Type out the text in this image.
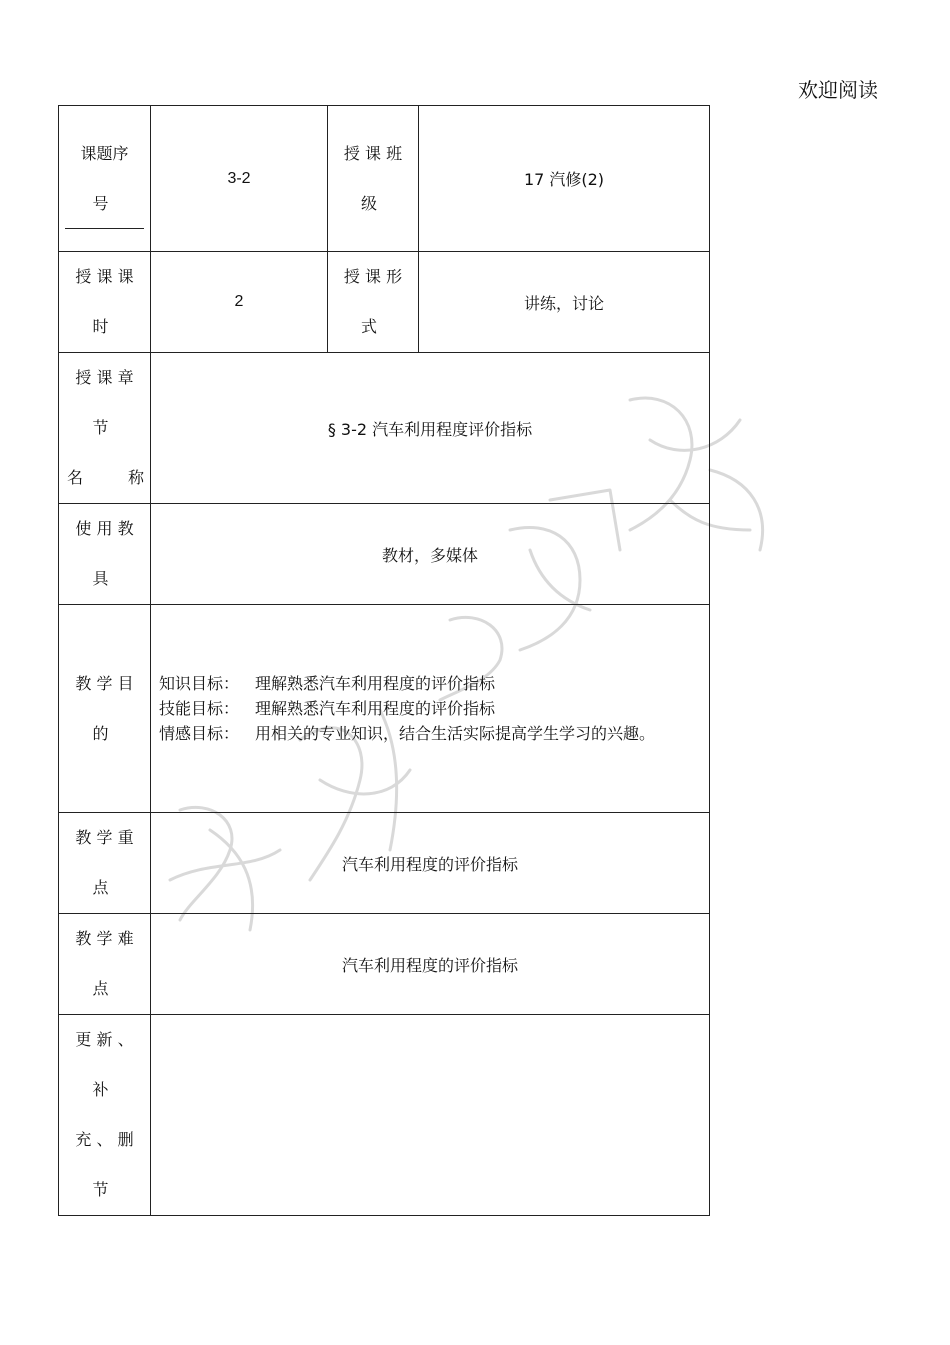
欢迎阅读
课题序
号	3-2	授 课 班
级	17 汽修(2)

授 课 课
时	2	授 课 形
式	讲练，讨论

授 课 章
节
名 称	§ 3-2 汽车利用程度评价指标		

使 用 教
具	教材，多媒体		

教 学 目
的	知识目标： 理解熟悉汽车利用程度的评价指标
技能目标： 理解熟悉汽车利用程度的评价指标
情感目标： 用相关的专业知识，结合生活实际提高学生学习的兴趣。		

教 学 重
点	汽车利用程度的评价指标		

教 学 难
点	汽车利用程度的评价指标		

更 新 、
补
充 、 删
节			
